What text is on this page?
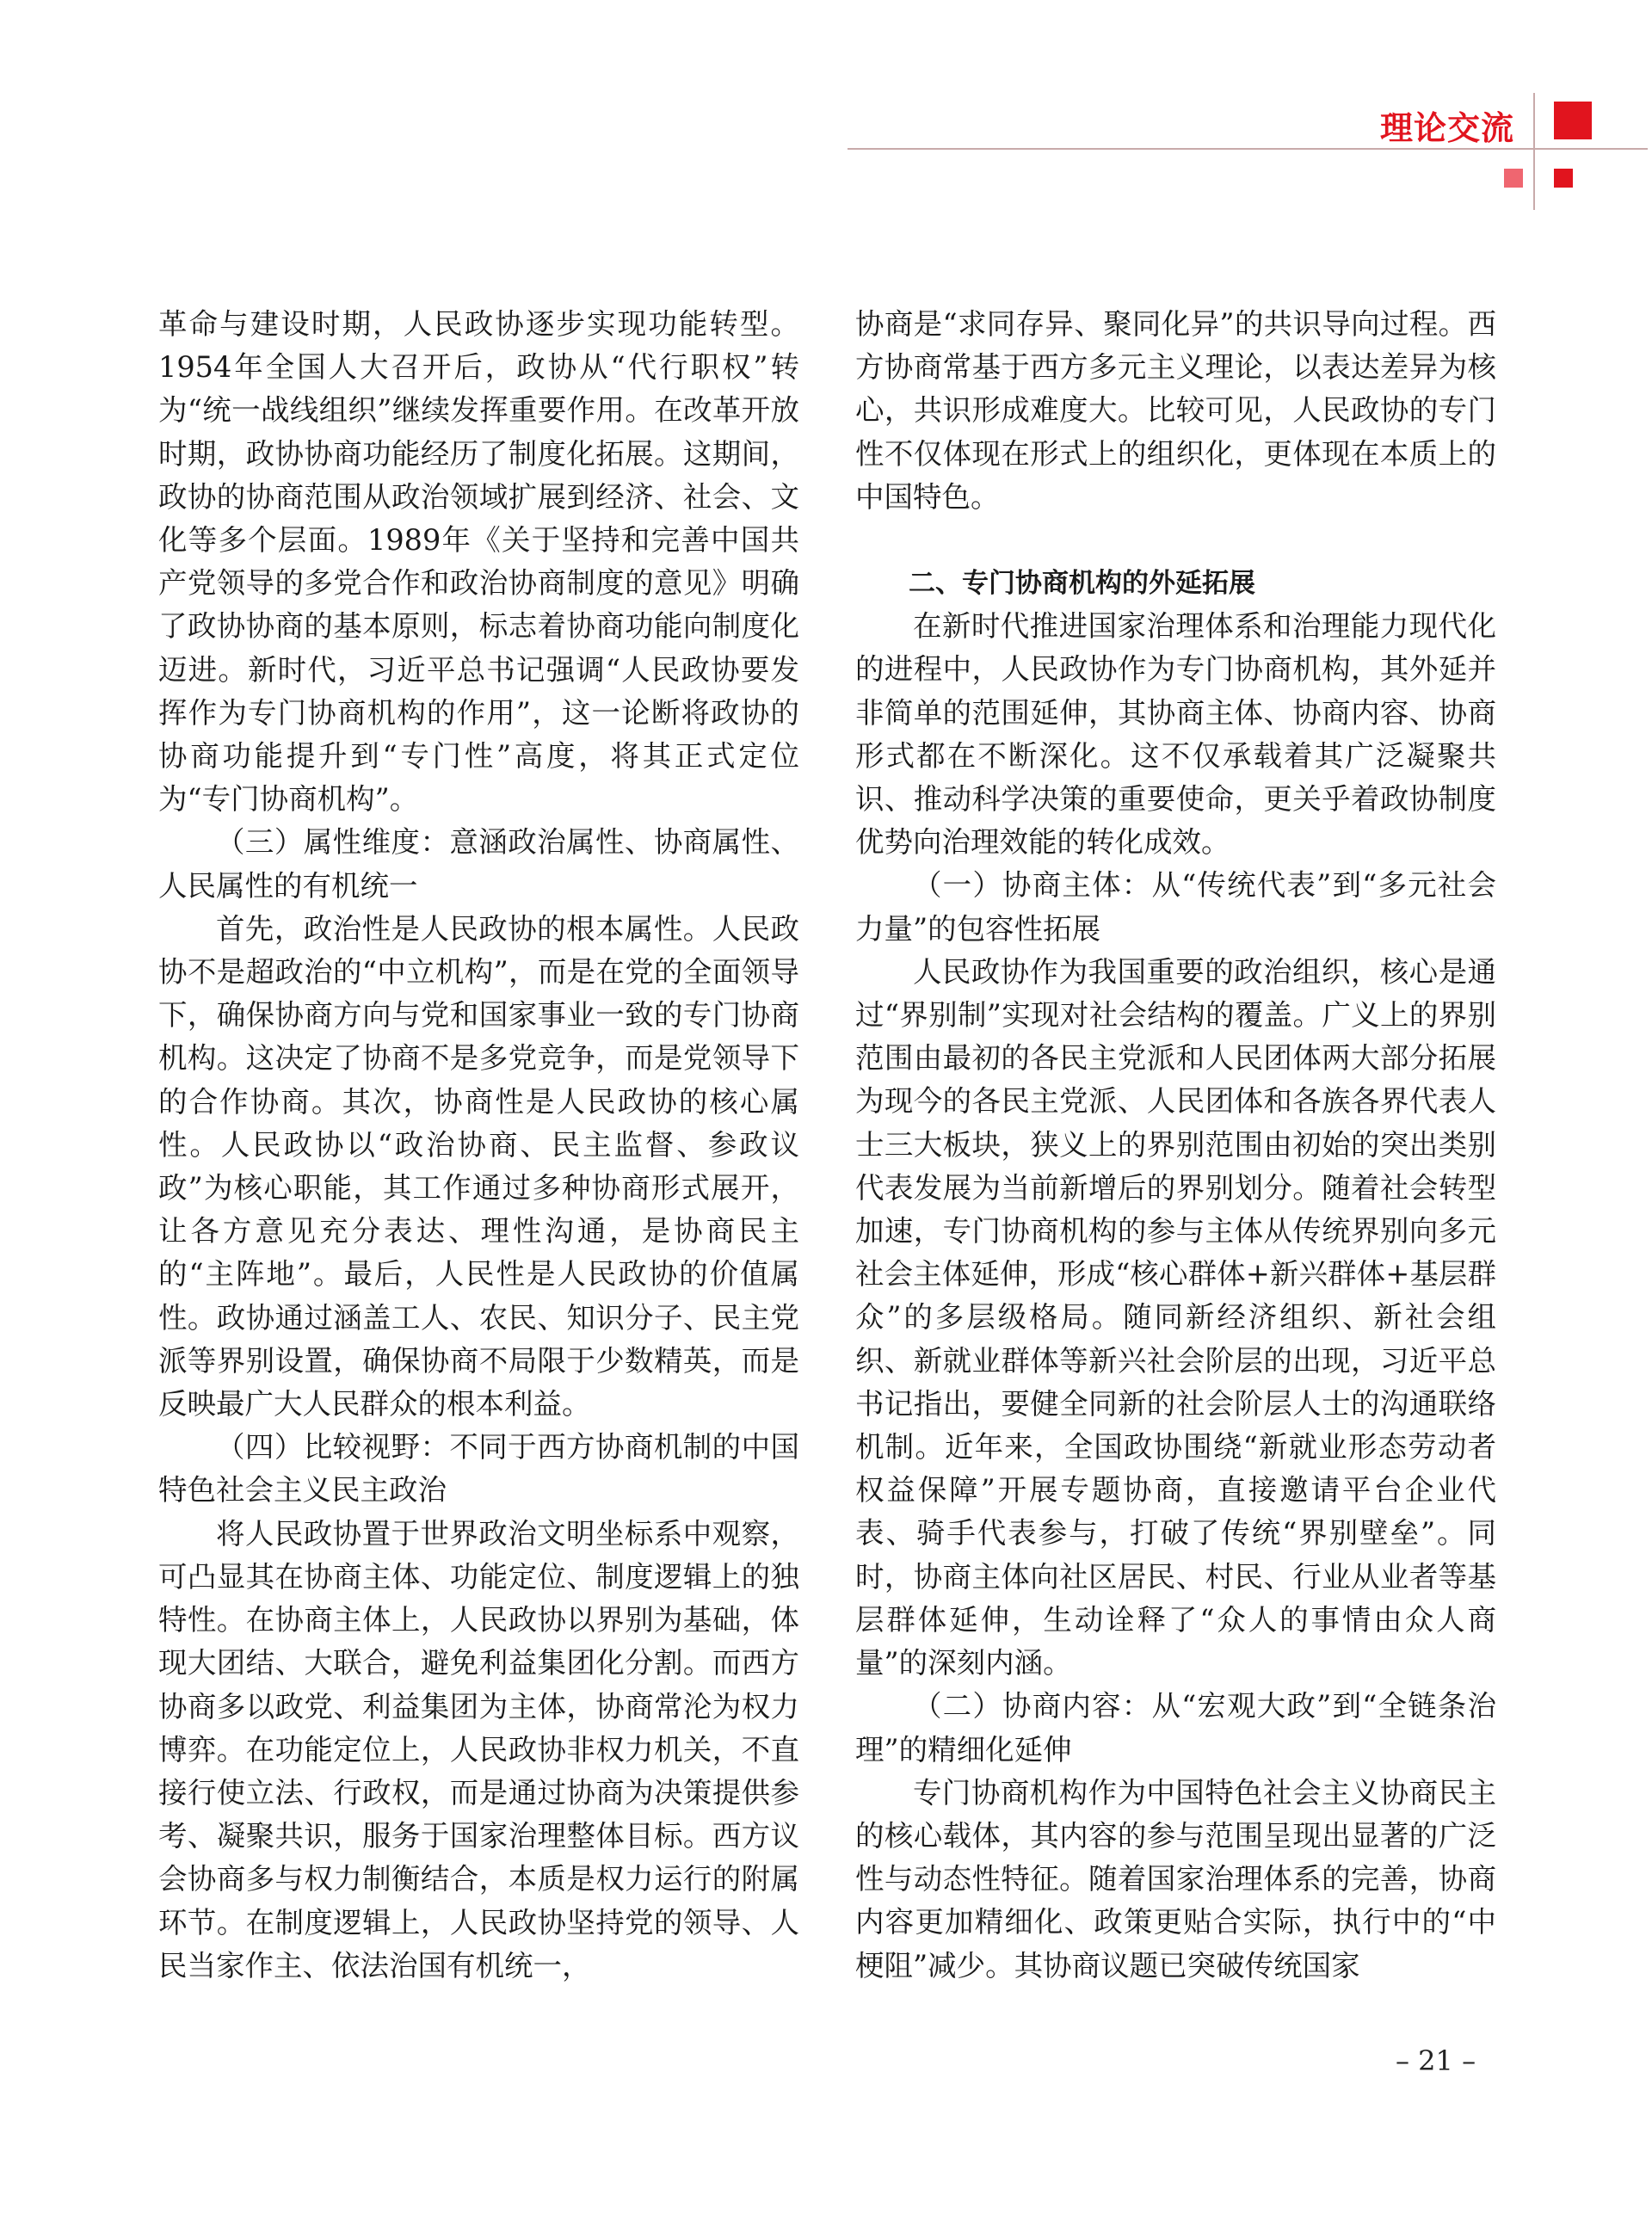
理论交流

革命与建设时期，人民政协逐步实现功能转型。1954年全国人大召开后，政协从“代行职权”转为“统一战线组织”继续发挥重要作用。在改革开放时期，政协协商功能经历了制度化拓展。这期间，政协的协商范围从政治领域扩展到经济、社会、文化等多个层面。1989年《关于坚持和完善中国共产党领导的多党合作和政治协商制度的意见》明确了政协协商的基本原则，标志着协商功能向制度化迈进。新时代，习近平总书记强调“人民政协要发挥作为专门协商机构的作用”，这一论断将政协的协商功能提升到“专门性”高度，将其正式定位为“专门协商机构”。

（三）属性维度：意涵政治属性、协商属性、人民属性的有机统一

首先，政治性是人民政协的根本属性。人民政协不是超政治的“中立机构”，而是在党的全面领导下，确保协商方向与党和国家事业一致的专门协商机构。这决定了协商不是多党竞争，而是党领导下的合作协商。其次，协商性是人民政协的核心属性。人民政协以“政治协商、民主监督、参政议政”为核心职能，其工作通过多种协商形式展开，让各方意见充分表达、理性沟通，是协商民主的“主阵地”。最后，人民性是人民政协的价值属性。政协通过涵盖工人、农民、知识分子、民主党派等界别设置，确保协商不局限于少数精英，而是反映最广大人民群众的根本利益。

（四）比较视野：不同于西方协商机制的中国特色社会主义民主政治

将人民政协置于世界政治文明坐标系中观察，可凸显其在协商主体、功能定位、制度逻辑上的独特性。在协商主体上，人民政协以界别为基础，体现大团结、大联合，避免利益集团化分割。而西方协商多以政党、利益集团为主体，协商常沦为权力博弈。在功能定位上，人民政协非权力机关，不直接行使立法、行政权，而是通过协商为决策提供参考、凝聚共识，服务于国家治理整体目标。西方议会协商多与权力制衡结合，本质是权力运行的附属环节。在制度逻辑上，人民政协坚持党的领导、人民当家作主、依法治国有机统一，

协商是“求同存异、聚同化异”的共识导向过程。西方协商常基于西方多元主义理论，以表达差异为核心，共识形成难度大。比较可见，人民政协的专门性不仅体现在形式上的组织化，更体现在本质上的中国特色。

二、专门协商机构的外延拓展

在新时代推进国家治理体系和治理能力现代化的进程中，人民政协作为专门协商机构，其外延并非简单的范围延伸，其协商主体、协商内容、协商形式都在不断深化。这不仅承载着其广泛凝聚共识、推动科学决策的重要使命，更关乎着政协制度优势向治理效能的转化成效。

（一）协商主体：从“传统代表”到“多元社会力量”的包容性拓展

人民政协作为我国重要的政治组织，核心是通过“界别制”实现对社会结构的覆盖。广义上的界别范围由最初的各民主党派和人民团体两大部分拓展为现今的各民主党派、人民团体和各族各界代表人士三大板块，狭义上的界别范围由初始的突出类别代表发展为当前新增后的界别划分。随着社会转型加速，专门协商机构的参与主体从传统界别向多元社会主体延伸，形成“核心群体+新兴群体+基层群众”的多层级格局。随同新经济组织、新社会组织、新就业群体等新兴社会阶层的出现，习近平总书记指出，要健全同新的社会阶层人士的沟通联络机制。近年来，全国政协围绕“新就业形态劳动者权益保障”开展专题协商，直接邀请平台企业代表、骑手代表参与，打破了传统“界别壁垒”。同时，协商主体向社区居民、村民、行业从业者等基层群体延伸，生动诠释了“众人的事情由众人商量”的深刻内涵。

（二）协商内容：从“宏观大政”到“全链条治理”的精细化延伸

专门协商机构作为中国特色社会主义协商民主的核心载体，其内容的参与范围呈现出显著的广泛性与动态性特征。随着国家治理体系的完善，协商内容更加精细化、政策更贴合实际，执行中的“中梗阻”减少。其协商议题已突破传统国家

– 21 –
